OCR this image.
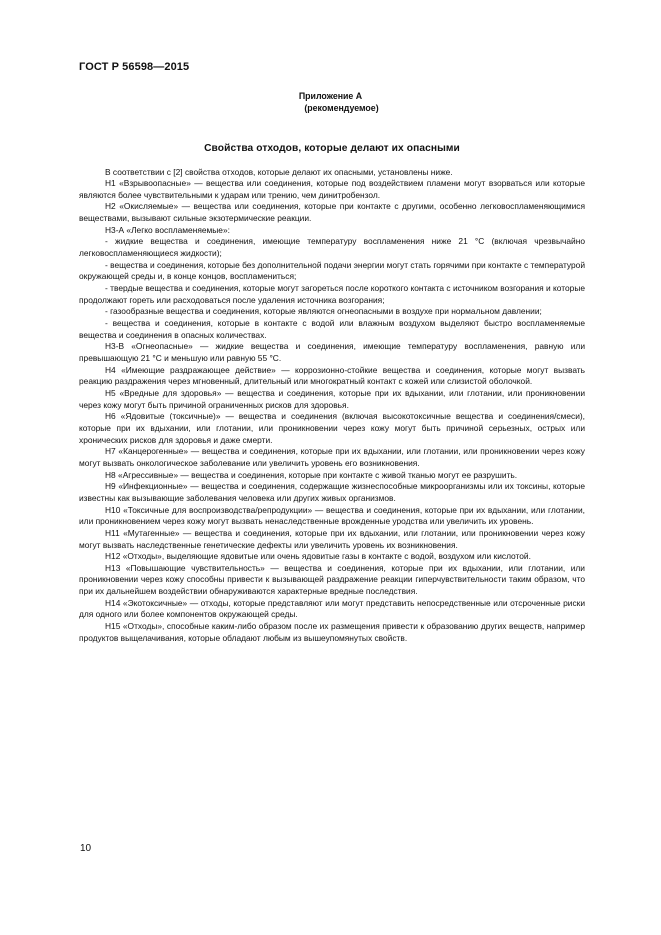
ГОСТ Р 56598—2015
Приложение А
(рекомендуемое)
Свойства отходов, которые делают их опасными

В соответствии с [2] свойства отходов, которые делают их опасными, установлены ниже.

Н1 «Взрывоопасные» — вещества или соединения, которые под воздействием пламени могут взорваться или которые являются более чувствительными к ударам или трению, чем динитробензол.

Н2 «Окисляемые» — вещества или соединения, которые при контакте с другими, особенно легковоспламеняющимися веществами, вызывают сильные экзотермические реакции.

Н3-А «Легко воспламеняемые»:

- жидкие вещества и соединения, имеющие температуру воспламенения ниже 21 °С (включая чрезвычайно легковоспламеняющиеся жидкости);

- вещества и соединения, которые без дополнительной подачи энергии могут стать горячими при контакте с температурой окружающей среды и, в конце концов, воспламениться;

- твердые вещества и соединения, которые могут загореться после короткого контакта с источником возгорания и которые продолжают гореть или расходоваться после удаления источника возгорания;

- газообразные вещества и соединения, которые являются огнеопасными в воздухе при нормальном давлении;

- вещества и соединения, которые в контакте с водой или влажным воздухом выделяют быстро воспламеняемые вещества и соединения в опасных количествах.

Н3-В «Огнеопасные» — жидкие вещества и соединения, имеющие температуру воспламенения, равную или превышающую 21 °С и меньшую или равную 55 °С.

Н4 «Имеющие раздражающее действие» — коррозионно-стойкие вещества и соединения, которые могут вызвать реакцию раздражения через мгновенный, длительный или многократный контакт с кожей или слизистой оболочкой.

Н5 «Вредные для здоровья» — вещества и соединения, которые при их вдыхании, или глотании, или проникновении через кожу могут быть причиной ограниченных рисков для здоровья.

Н6 «Ядовитые (токсичные)» — вещества и соединения (включая высокотоксичные вещества и соединения/смеси), которые при их вдыхании, или глотании, или проникновении через кожу могут быть причиной серьезных, острых или хронических рисков для здоровья и даже смерти.

Н7 «Канцерогенные» — вещества и соединения, которые при их вдыхании, или глотании, или проникновении через кожу могут вызвать онкологическое заболевание или увеличить уровень его возникновения.

Н8 «Агрессивные» — вещества и соединения, которые при контакте с живой тканью могут ее разрушить.

Н9 «Инфекционные» — вещества и соединения, содержащие жизнеспособные микроорганизмы или их токсины, которые известны как вызывающие заболевания человека или других живых организмов.

Н10 «Токсичные для воспроизводства/репродукции» — вещества и соединения, которые при их вдыхании, или глотании, или проникновением через кожу могут вызвать ненаследственные врожденные уродства или увеличить их уровень.

Н11 «Мутагенные» — вещества и соединения, которые при их вдыхании, или глотании, или проникновении через кожу могут вызвать наследственные генетические дефекты или увеличить уровень их возникновения.

Н12 «Отходы», выделяющие ядовитые или очень ядовитые газы в контакте с водой, воздухом или кислотой.

Н13 «Повышающие чувствительность» — вещества и соединения, которые при их вдыхании, или глотании, или проникновении через кожу способны привести к вызывающей раздражение реакции гиперчувствительности таким образом, что при их дальнейшем воздействии обнаруживаются характерные вредные последствия.

Н14 «Экотоксичные» — отходы, которые представляют или могут представить непосредственные или отсроченные риски для одного или более компонентов окружающей среды.

Н15 «Отходы», способные каким-либо образом после их размещения привести к образованию других веществ, например продуктов выщелачивания, которые обладают любым из вышеупомянутых свойств.

10
